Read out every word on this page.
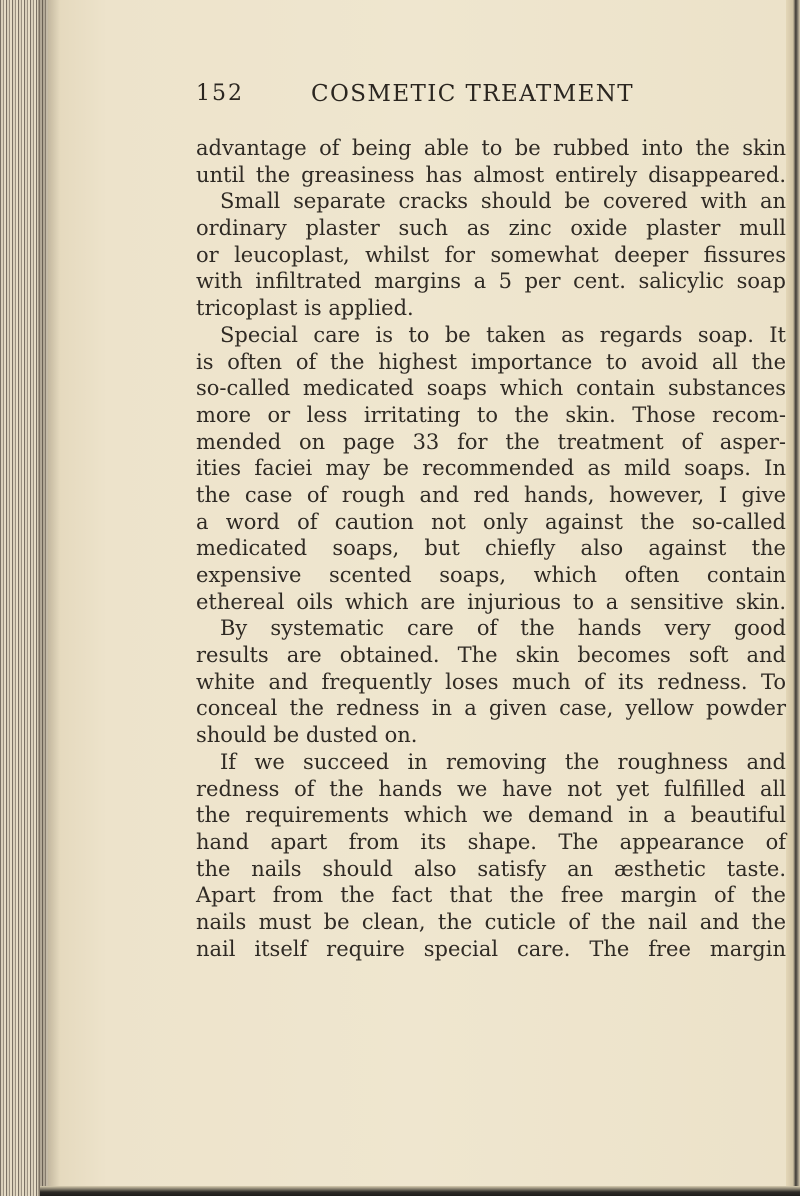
152	COSMETIC TREATMENT
advantage of being able to be rubbed into the skin
until the greasiness has almost entirely disappeared.
Small separate cracks should be covered with an
ordinary plaster such as zinc oxide plaster mull
or leucoplast, whilst for somewhat deeper fissures
with infiltrated margins a 5 per cent. salicylic soap
tricoplast is applied.
Special care is to be taken as regards soap. It
is often of the highest importance to avoid all the
so-called medicated soaps which contain substances
more or less irritating to the skin. Those recom-
mended on page 33 for the treatment of asper-
ities faciei may be recommended as mild soaps. In
the case of rough and red hands, however, I give
a word of caution not only against the so-called
medicated soaps, but chiefly also against the
expensive scented soaps, which often contain
ethereal oils which are injurious to a sensitive skin.
By systematic care of the hands very good
results are obtained. The skin becomes soft and
white and frequently loses much of its redness. To
conceal the redness in a given case, yellow powder
should be dusted on.
If we succeed in removing the roughness and
redness of the hands we have not yet fulfilled all
the requirements which we demand in a beautiful
hand apart from its shape. The appearance of
the nails should also satisfy an æsthetic taste.
Apart from the fact that the free margin of the
nails must be clean, the cuticle of the nail and the
nail itself require special care. The free margin
